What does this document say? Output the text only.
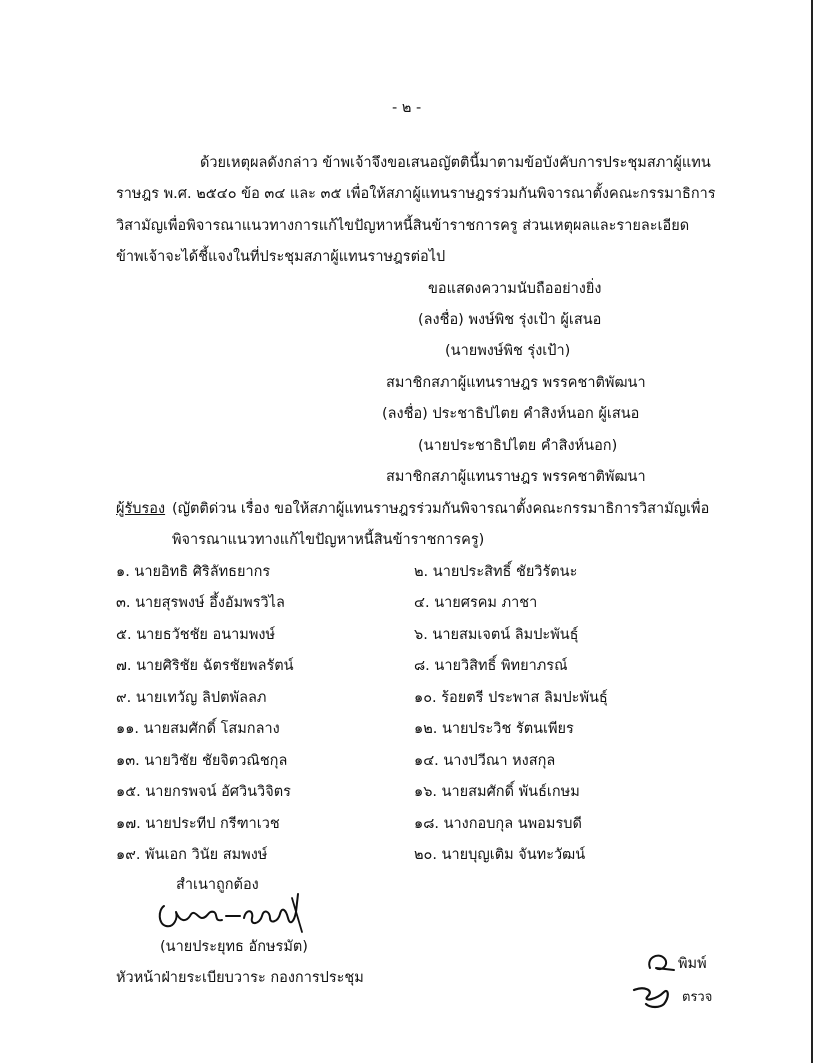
- ๒ -
ด้วยเหตุผลดังกล่าว ข้าพเจ้าจึงขอเสนอญัตตินี้มาตามข้อบังคับการประชุมสภาผู้แทน
ราษฎร พ.ศ. ๒๕๔๐ ข้อ ๓๔ และ ๓๕ เพื่อให้สภาผู้แทนราษฎรร่วมกันพิจารณาตั้งคณะกรรมาธิการ
วิสามัญเพื่อพิจารณาแนวทางการแก้ไขปัญหาหนี้สินข้าราชการครู ส่วนเหตุผลและรายละเอียด
ข้าพเจ้าจะได้ชี้แจงในที่ประชุมสภาผู้แทนราษฎรต่อไป
ขอแสดงความนับถืออย่างยิ่ง
(ลงชื่อ) พงษ์พิช รุ่งเป้า ผู้เสนอ
(นายพงษ์พิช รุ่งเป้า)
สมาชิกสภาผู้แทนราษฎร พรรคชาติพัฒนา
(ลงชื่อ) ประชาธิปไตย คำสิงห์นอก ผู้เสนอ
(นายประชาธิปไตย คำสิงห์นอก)
สมาชิกสภาผู้แทนราษฎร พรรคชาติพัฒนา
ผู้รับรอง (ญัตติด่วน เรื่อง ขอให้สภาผู้แทนราษฎรร่วมกันพิจารณาตั้งคณะกรรมาธิการวิสามัญเพื่อ
พิจารณาแนวทางแก้ไขปัญหาหนี้สินข้าราชการครู)
๑. นายอิทธิ ศิริลัทธยากร	๒. นายประสิทธิ์ ชัยวิรัตนะ
๓. นายสุรพงษ์ อึ้งอัมพรวิไล	๔. นายศรคม ภาชา
๕. นายธวัชชัย อนามพงษ์	๖. นายสมเจตน์ ลิมปะพันธุ์
๗. นายศิริชัย ฉัตรชัยพลรัตน์	๘. นายวิสิทธิ์ พิทยาภรณ์
๙. นายเทวัญ ลิปตพัลลภ	๑๐. ร้อยตรี ประพาส ลิมปะพันธุ์
๑๑. นายสมศักดิ์ โสมกลาง	๑๒. นายประวิช รัตนเพียร
๑๓. นายวิชัย ชัยจิตวณิชกุล	๑๔. นางปวีณา หงสกุล
๑๕. นายกรพจน์ อัศวินวิจิตร	๑๖. นายสมศักดิ์ พันธ์เกษม
๑๗. นายประทีป กรีฑาเวช	๑๘. นางกอบกุล นพอมรบดี
๑๙. พันเอก วินัย สมพงษ์	๒๐. นายบุญเติม จันทะวัฒน์
สำเนาถูกต้อง
(นายประยุทธ อักษรมัต)
หัวหน้าฝ่ายระเบียบวาระ กองการประชุม
พิมพ์
ตรวจ
